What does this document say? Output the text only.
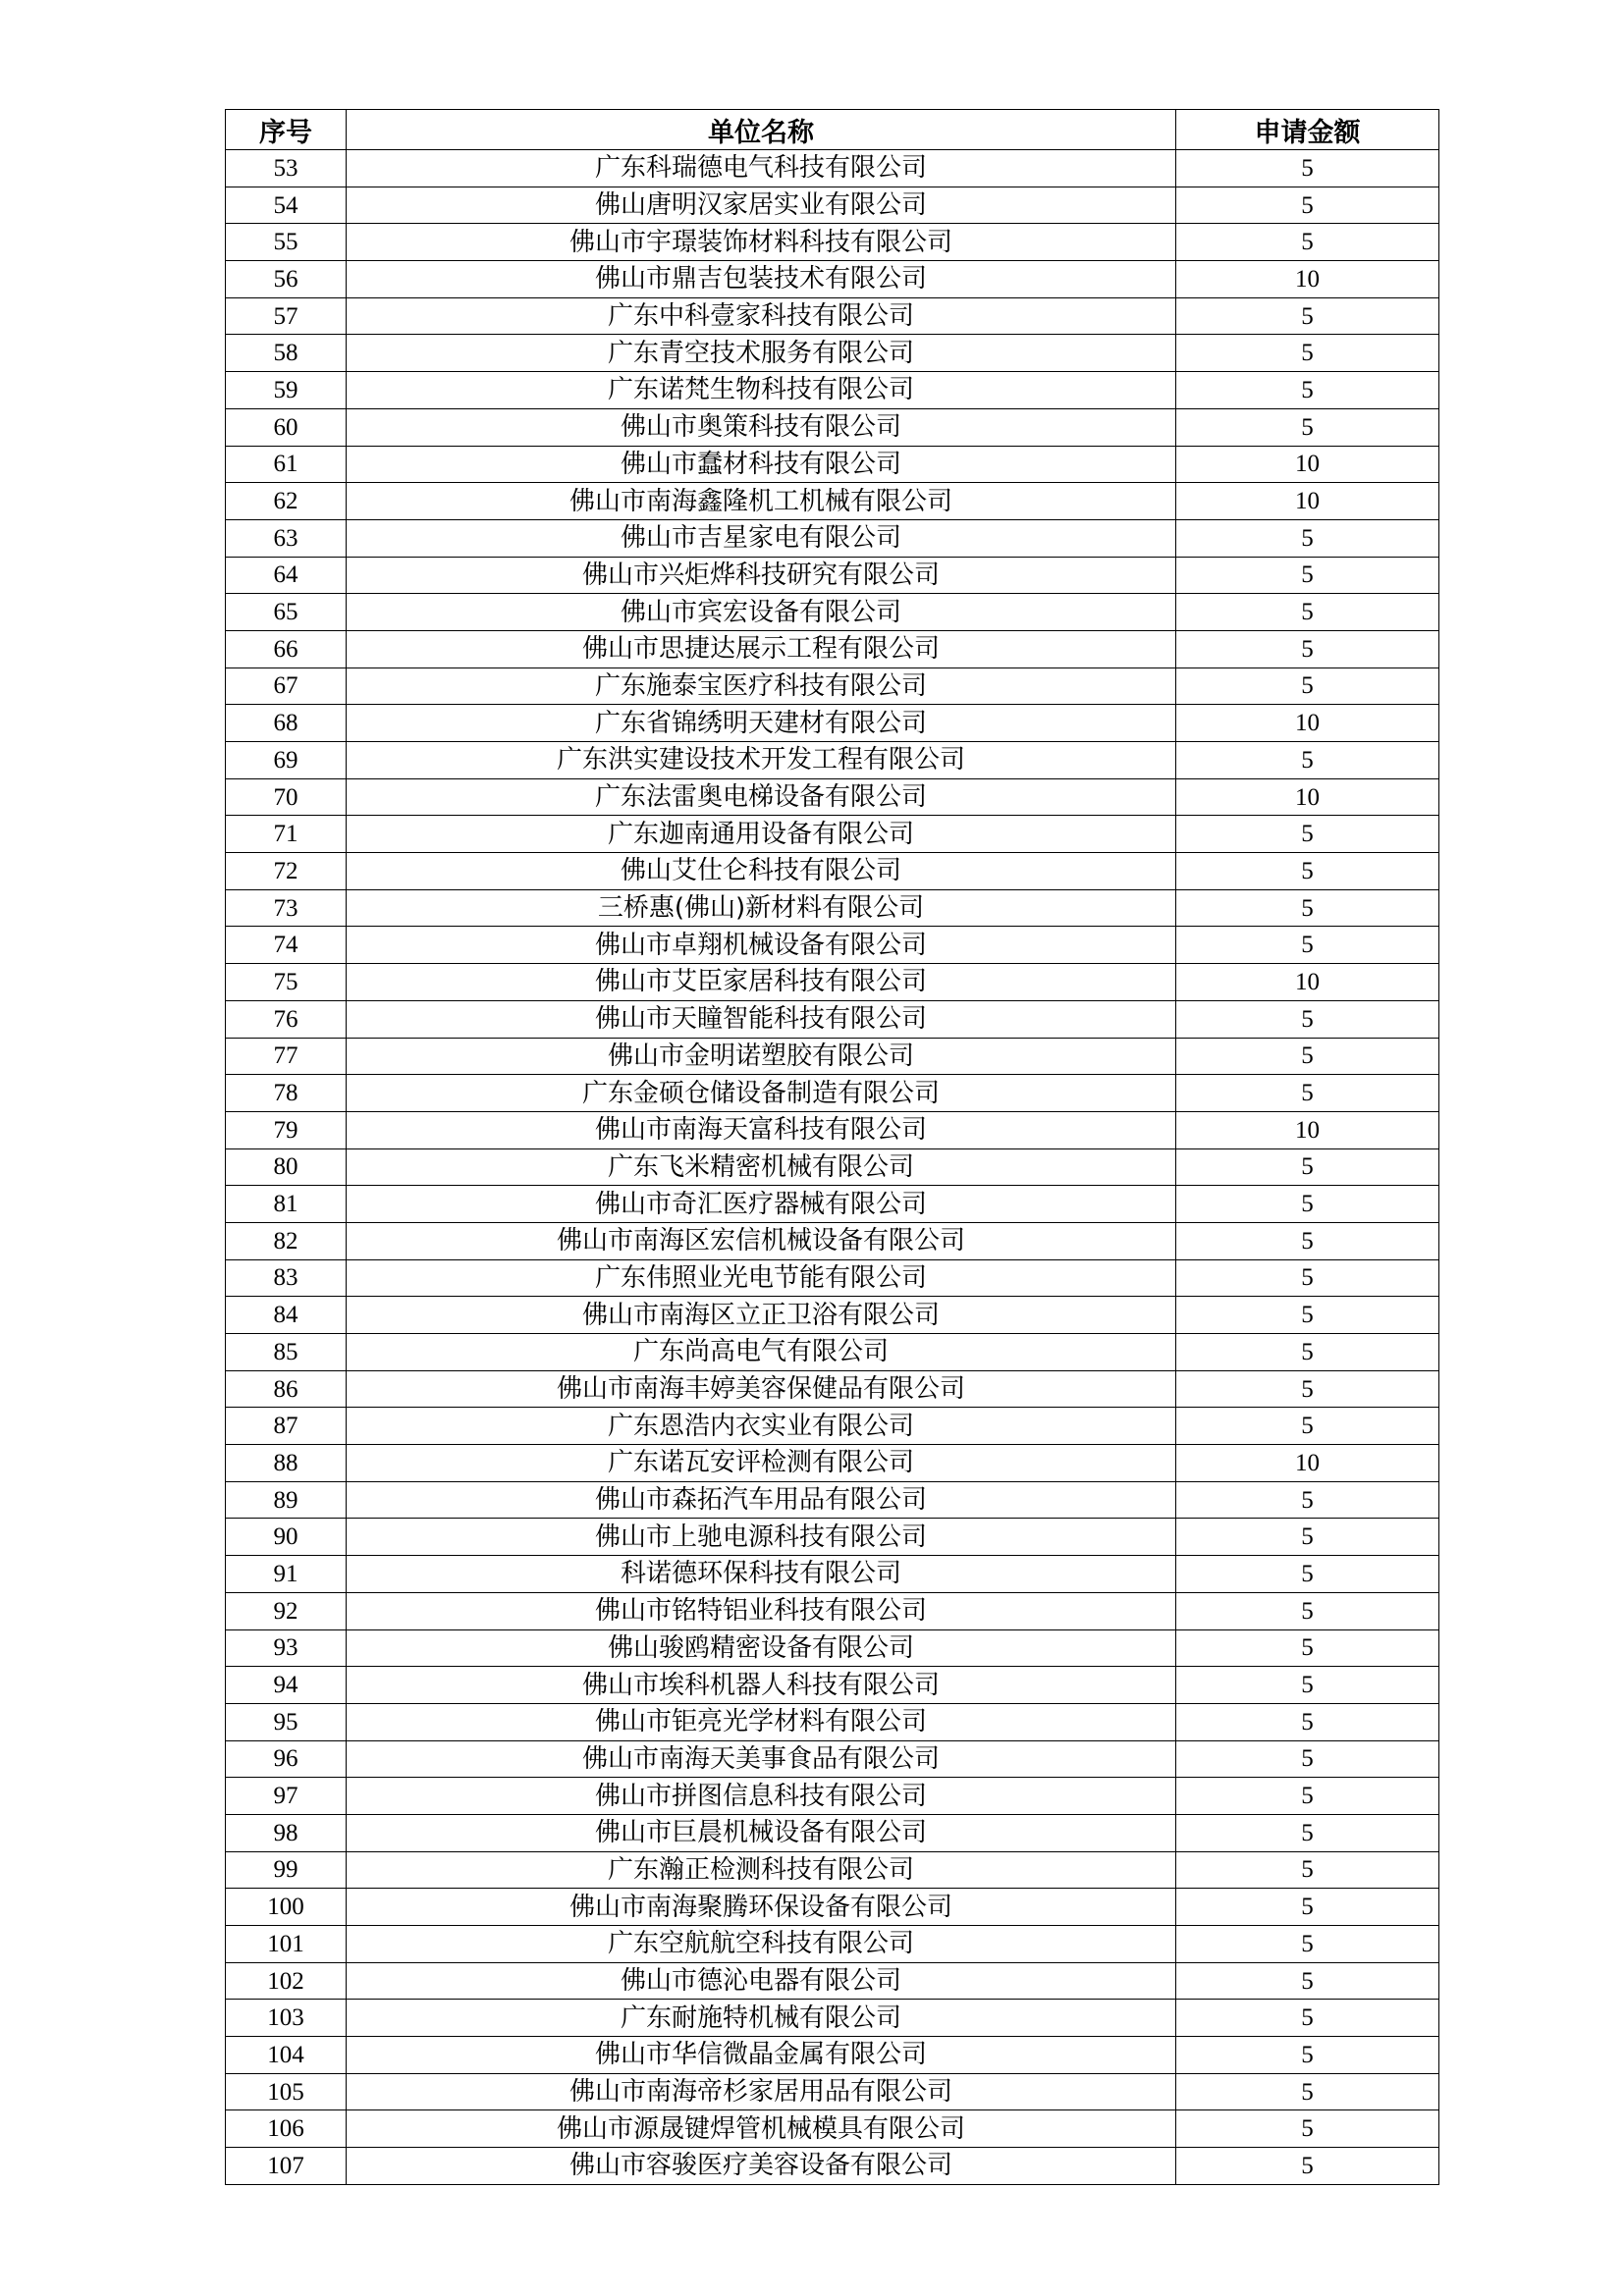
序号	单位名称	申请金额
53	广东科瑞德电气科技有限公司	5
54	佛山唐明汉家居实业有限公司	5
55	佛山市宇璟装饰材料科技有限公司	5
56	佛山市鼎吉包装技术有限公司	10
57	广东中科壹家科技有限公司	5
58	广东青空技术服务有限公司	5
59	广东诺梵生物科技有限公司	5
60	佛山市奥策科技有限公司	5
61	佛山市蠢材科技有限公司	10
62	佛山市南海鑫隆机工机械有限公司	10
63	佛山市吉星家电有限公司	5
64	佛山市兴炬烨科技研究有限公司	5
65	佛山市宾宏设备有限公司	5
66	佛山市思捷达展示工程有限公司	5
67	广东施泰宝医疗科技有限公司	5
68	广东省锦绣明天建材有限公司	10
69	广东洪实建设技术开发工程有限公司	5
70	广东法雷奥电梯设备有限公司	10
71	广东迦南通用设备有限公司	5
72	佛山艾仕仑科技有限公司	5
73	三桥惠(佛山)新材料有限公司	5
74	佛山市卓翔机械设备有限公司	5
75	佛山市艾臣家居科技有限公司	10
76	佛山市天瞳智能科技有限公司	5
77	佛山市金明诺塑胶有限公司	5
78	广东金硕仓储设备制造有限公司	5
79	佛山市南海天富科技有限公司	10
80	广东飞米精密机械有限公司	5
81	佛山市奇汇医疗器械有限公司	5
82	佛山市南海区宏信机械设备有限公司	5
83	广东伟照业光电节能有限公司	5
84	佛山市南海区立正卫浴有限公司	5
85	广东尚高电气有限公司	5
86	佛山市南海丰婷美容保健品有限公司	5
87	广东恩浩内衣实业有限公司	5
88	广东诺瓦安评检测有限公司	10
89	佛山市森拓汽车用品有限公司	5
90	佛山市上驰电源科技有限公司	5
91	科诺德环保科技有限公司	5
92	佛山市铭特铝业科技有限公司	5
93	佛山骏鸥精密设备有限公司	5
94	佛山市埃科机器人科技有限公司	5
95	佛山市钜亮光学材料有限公司	5
96	佛山市南海天美事食品有限公司	5
97	佛山市拼图信息科技有限公司	5
98	佛山市巨晨机械设备有限公司	5
99	广东瀚正检测科技有限公司	5
100	佛山市南海聚腾环保设备有限公司	5
101	广东空航航空科技有限公司	5
102	佛山市德沁电器有限公司	5
103	广东耐施特机械有限公司	5
104	佛山市华信微晶金属有限公司	5
105	佛山市南海帝杉家居用品有限公司	5
106	佛山市源晟键焊管机械模具有限公司	5
107	佛山市容骏医疗美容设备有限公司	5
